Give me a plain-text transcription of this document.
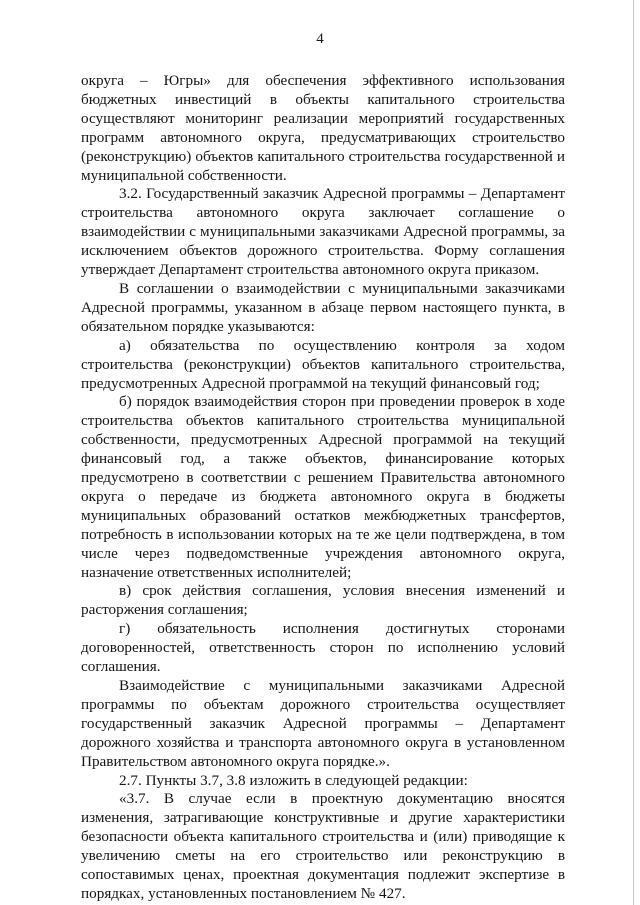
4

округа – Югры» для обеспечения эффективного использования бюджетных инвестиций в объекты капитального строительства осуществляют мониторинг реализации мероприятий государственных программ автономного округа, предусматривающих строительство (реконструкцию) объектов капитального строительства государственной и муниципальной собственности.

3.2. Государственный заказчик Адресной программы – Департамент строительства автономного округа заключает соглашение о взаимодействии с муниципальными заказчиками Адресной программы, за исключением объектов дорожного строительства. Форму соглашения утверждает Департамент строительства автономного округа приказом.

В соглашении о взаимодействии с муниципальными заказчиками Адресной программы, указанном в абзаце первом настоящего пункта, в обязательном порядке указываются:

а) обязательства по осуществлению контроля за ходом строительства (реконструкции) объектов капитального строительства, предусмотренных Адресной программой на текущий финансовый год;

б) порядок взаимодействия сторон при проведении проверок в ходе строительства объектов капитального строительства муниципальной собственности, предусмотренных Адресной программой на текущий финансовый год, а также объектов, финансирование которых предусмотрено в соответствии с решением Правительства автономного округа о передаче из бюджета автономного округа в бюджеты муниципальных образований остатков межбюджетных трансфертов, потребность в использовании которых на те же цели подтверждена, в том числе через подведомственные учреждения автономного округа, назначение ответственных исполнителей;

в) срок действия соглашения, условия внесения изменений и расторжения соглашения;

г) обязательность исполнения достигнутых сторонами договоренностей, ответственность сторон по исполнению условий соглашения.

Взаимодействие с муниципальными заказчиками Адресной программы по объектам дорожного строительства осуществляет государственный заказчик Адресной программы – Департамент дорожного хозяйства и транспорта автономного округа в установленном Правительством автономного округа порядке.».

2.7. Пункты 3.7, 3.8 изложить в следующей редакции:

«3.7. В случае если в проектную документацию вносятся изменения, затрагивающие конструктивные и другие характеристики безопасности объекта капитального строительства и (или) приводящие к увеличению сметы на его строительство или реконструкцию в сопоставимых ценах, проектная документация подлежит экспертизе в порядках, установленных постановлением № 427.
